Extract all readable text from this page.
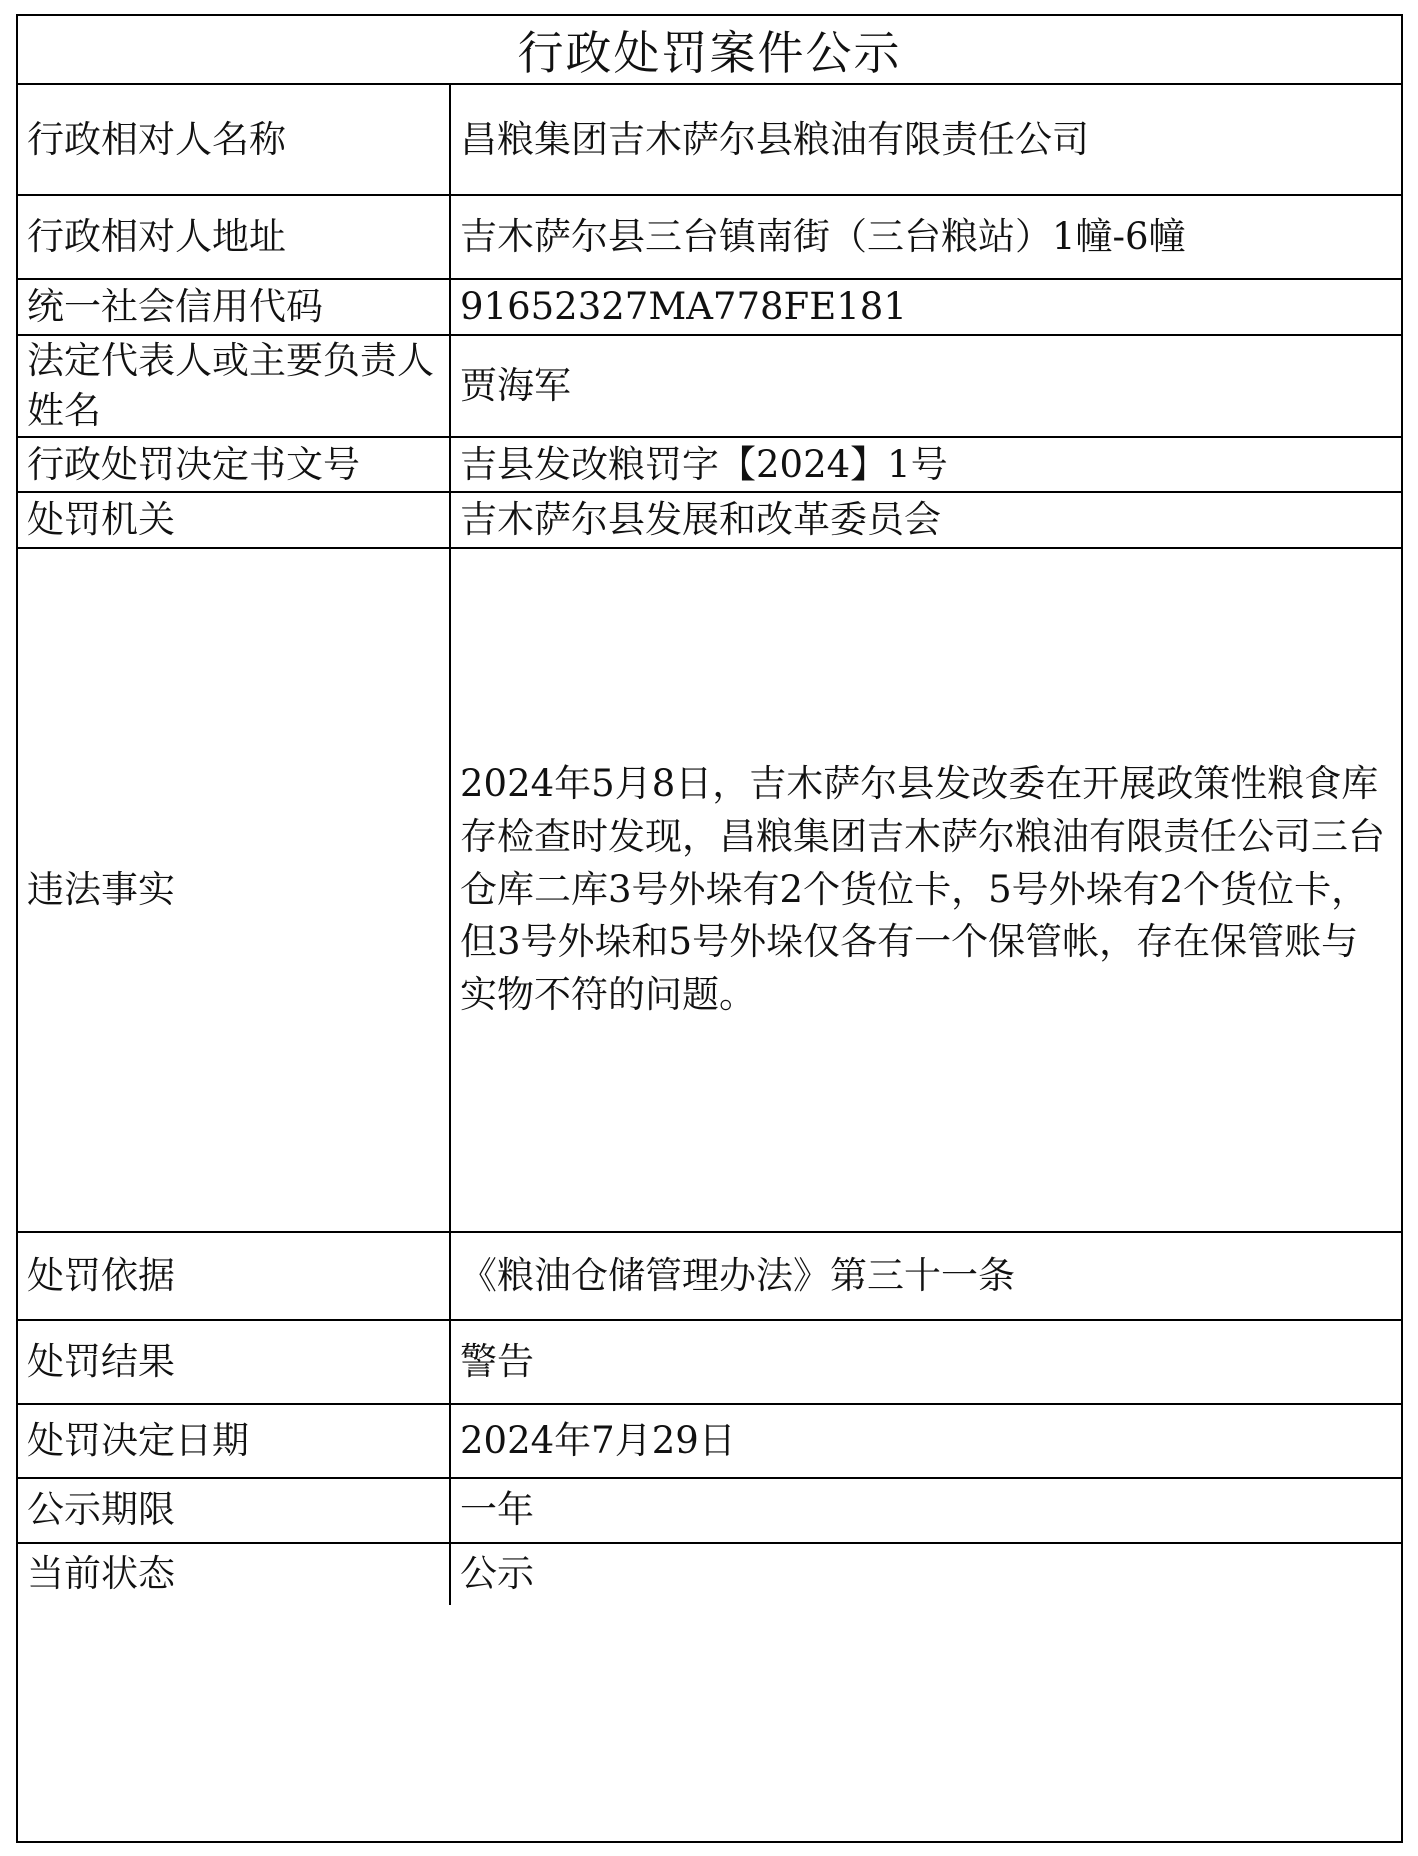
行政处罚案件公示
行政相对人名称	昌粮集团吉木萨尔县粮油有限责任公司
行政相对人地址	吉木萨尔县三台镇南街（三台粮站）1幢-6幢
统一社会信用代码	91652327MA778FE181
法定代表人或主要负责人姓名	贾海军
行政处罚决定书文号	吉县发改粮罚字【2024】1号
处罚机关	吉木萨尔县发展和改革委员会
违法事实	2024年5月8日，吉木萨尔县发改委在开展政策性粮食库存检查时发现，昌粮集团吉木萨尔粮油有限责任公司三台仓库二库3号外垛有2个货位卡，5号外垛有2个货位卡，但3号外垛和5号外垛仅各有一个保管帐，存在保管账与实物不符的问题。
处罚依据	《粮油仓储管理办法》第三十一条
处罚结果	警告
处罚决定日期	2024年7月29日
公示期限	一年
当前状态	公示
